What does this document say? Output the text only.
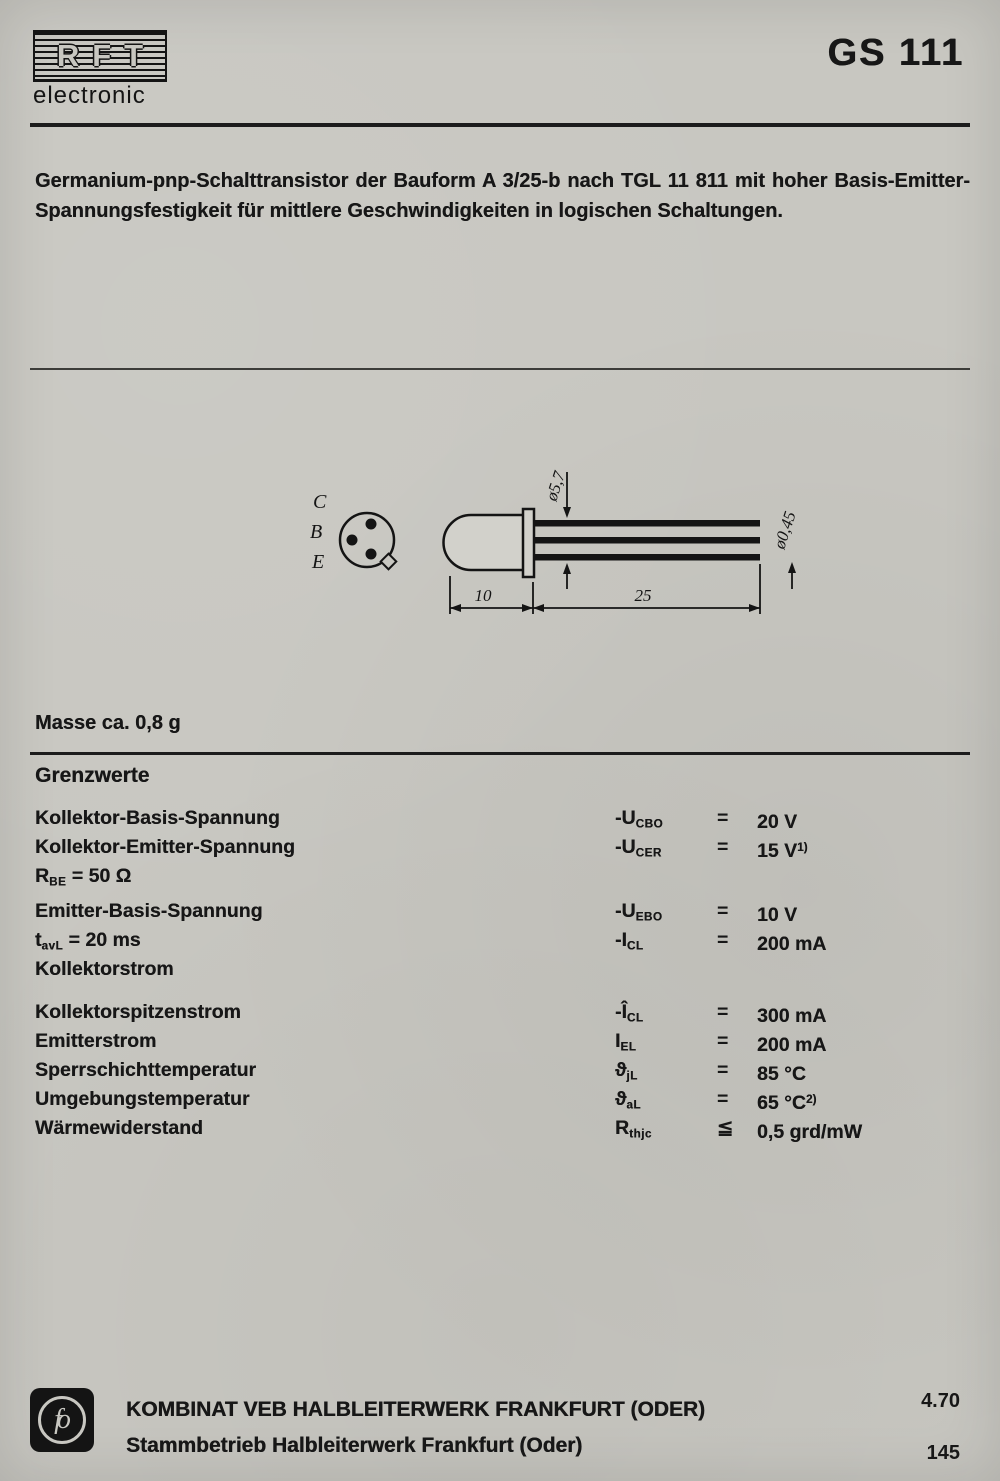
RFT
electronic
GS 111

Germanium-pnp-Schalttransistor der Bauform A 3/25-b nach TGL 11 811 mit hoher Basis-Emitter-Spannungsfestigkeit für mittlere Geschwindigkeiten in logischen Schaltungen.

C
B
E
ø5,7
ø0,45
10	25

Masse ca. 0,8 g

Grenzwerte
Kollektor-Basis-Spannung	$-U_{CBO}$	=	20 V
Kollektor-Emitter-Spannung	$-U_{CER}$	=	15 $V^{1)}$
$R_{BE} = 50$ Ω
Emitter-Basis-Spannung	$-U_{EBO}$	=	10 V
$t_{avL} = 20$ ms	$-I_{CL}$	=	200 mA
Kollektorstrom
Kollektorspitzenstrom	$-Î_{CL}$	=	300 mA
Emitterstrom	$I_{EL}$	=	200 mA
Sperrschichttemperatur	$ϑ_{jL}$	=	85 °C
Umgebungstemperatur	$ϑ_{aL}$	=	65 $^\circ C^{2)}$
Wärmewiderstand	$R_{thjc}$	≦	0,5 grd/mW
fo	KOMBINAT VEB HALBLEITERWERK FRANKFURT (ODER)
Stammbetrieb Halbleiterwerk Frankfurt (Oder)
4.70
145
